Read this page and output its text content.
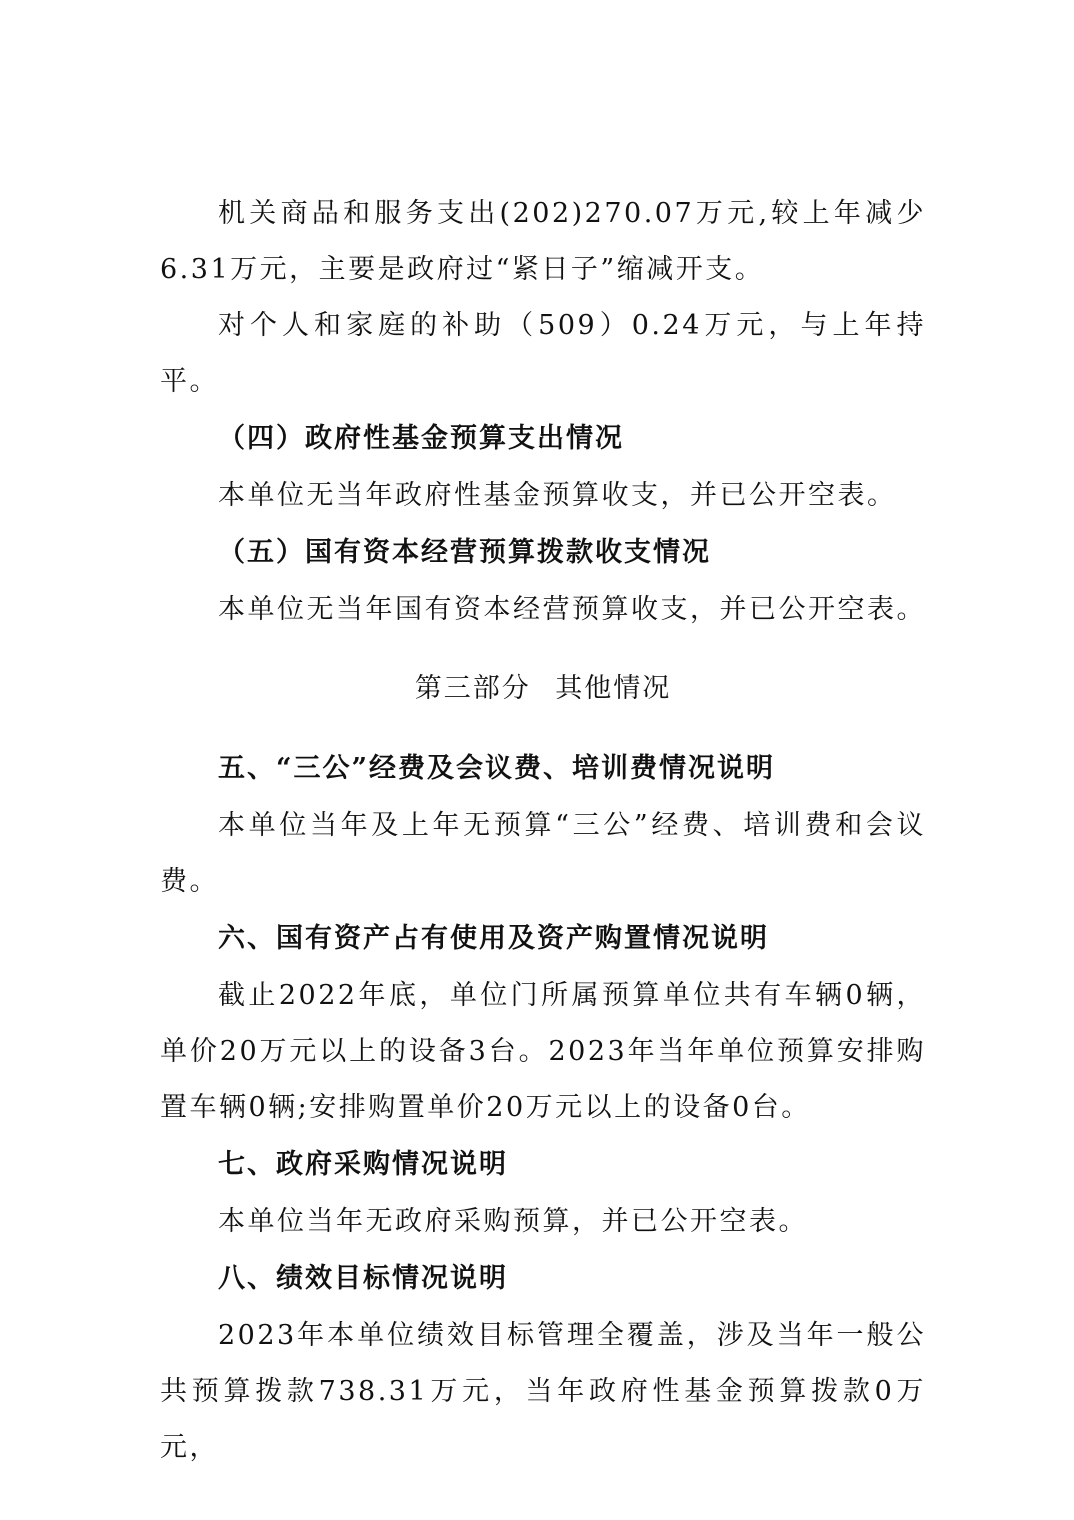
机关商品和服务支出(202)270.07万元,较上年减少6.31万元，主要是政府过“紧日子”缩减开支。

对个人和家庭的补助（509）0.24万元，与上年持平。

（四）政府性基金预算支出情况

本单位无当年政府性基金预算收支，并已公开空表。

（五）国有资本经营预算拨款收支情况

本单位无当年国有资本经营预算收支，并已公开空表。

第三部分 其他情况

五、“三公”经费及会议费、培训费情况说明

本单位当年及上年无预算“三公”经费、培训费和会议费。

六、国有资产占有使用及资产购置情况说明

截止2022年底，单位门所属预算单位共有车辆0辆，单价20万元以上的设备3台。2023年当年单位预算安排购置车辆0辆;安排购置单价20万元以上的设备0台。

七、政府采购情况说明

本单位当年无政府采购预算，并已公开空表。

八、绩效目标情况说明

2023年本单位绩效目标管理全覆盖，涉及当年一般公共预算拨款738.31万元，当年政府性基金预算拨款0万元，
